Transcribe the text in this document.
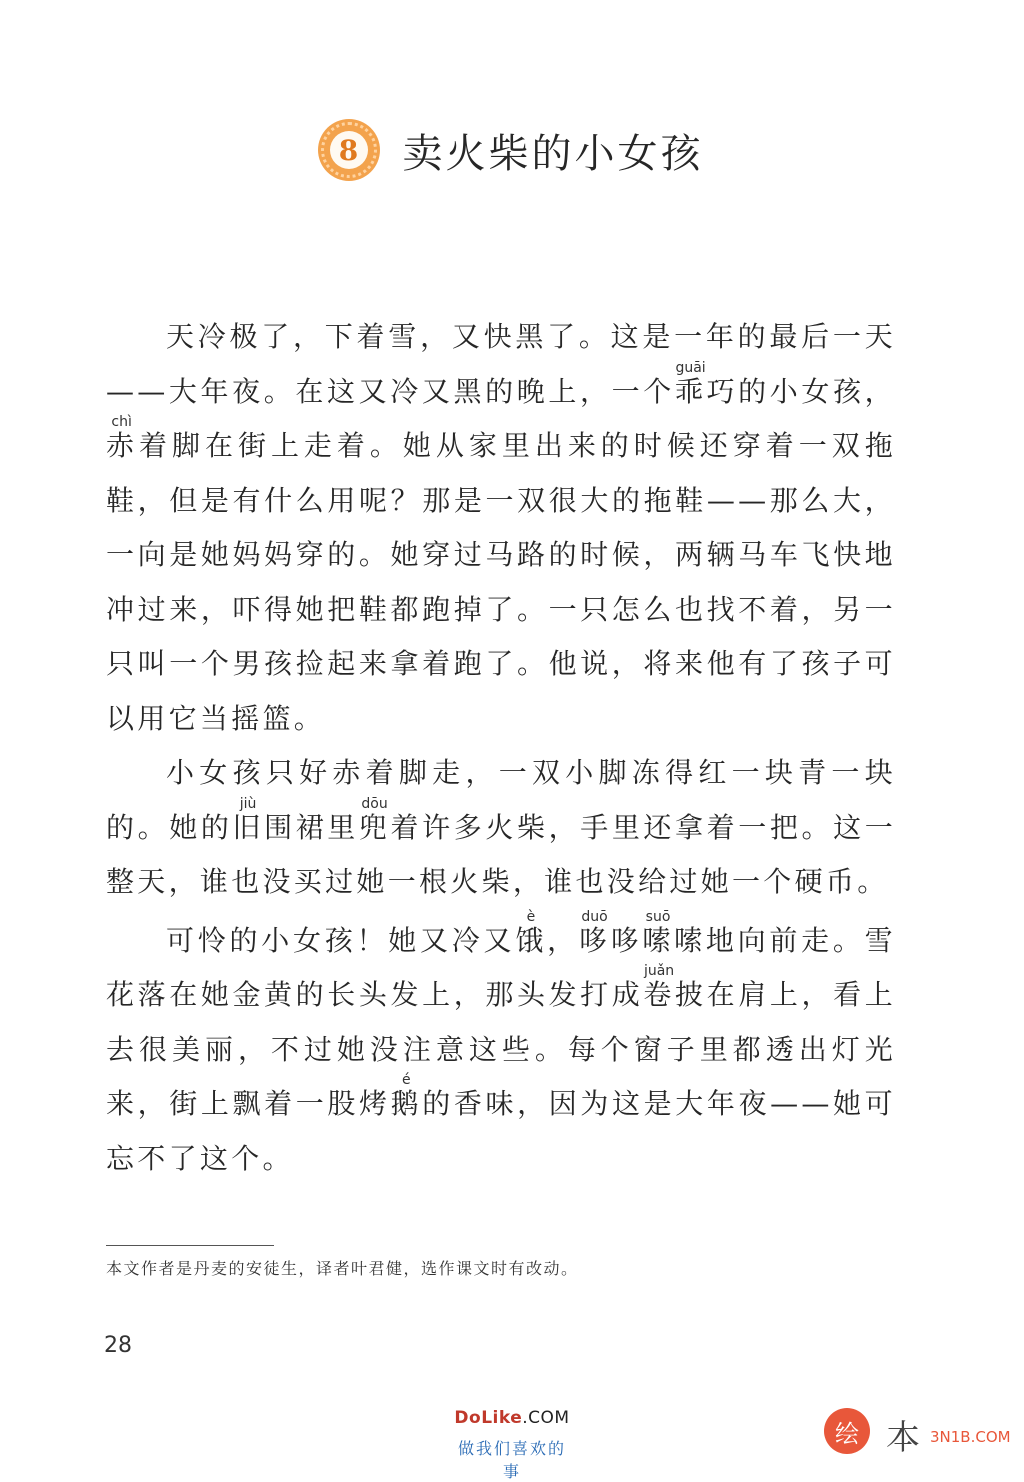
8 卖火柴的小女孩

天冷极了，下着雪，又快黑了。这是一年的最后一天——大年夜。在这又冷又黑的晚上，一个乖guāi巧的小女孩，赤chì着脚在街上走着。她从家里出来的时候还穿着一双拖鞋，但是有什么用呢？那是一双很大的拖鞋——那么大，一向是她妈妈穿的。她穿过马路的时候，两辆马车飞快地冲过来，吓得她把鞋都跑掉了。一只怎么也找不着，另一只叫一个男孩捡起来拿着跑了。他说，将来他有了孩子可以用它当摇篮。

小女孩只好赤着脚走，一双小脚冻得红一块青一块的。她的旧jiù围裙里兜dōu着许多火柴，手里还拿着一把。这一整天，谁也没买过她一根火柴，谁也没给过她一个硬币。

可怜的小女孩！她又冷又饿è，哆duō哆嗦suō嗦地向前走。雪花落在她金黄的长头发上，那头发打成卷juǎn披在肩上，看上去很美丽，不过她没注意这些。每个窗子里都透出灯光来，街上飘着一股烤鹅é的香味，因为这是大年夜——她可忘不了这个。

本文作者是丹麦的安徒生，译者叶君健，选作课文时有改动。
28
DoLike.COM
做我们喜欢的事
绘 本 3N1B.COM
